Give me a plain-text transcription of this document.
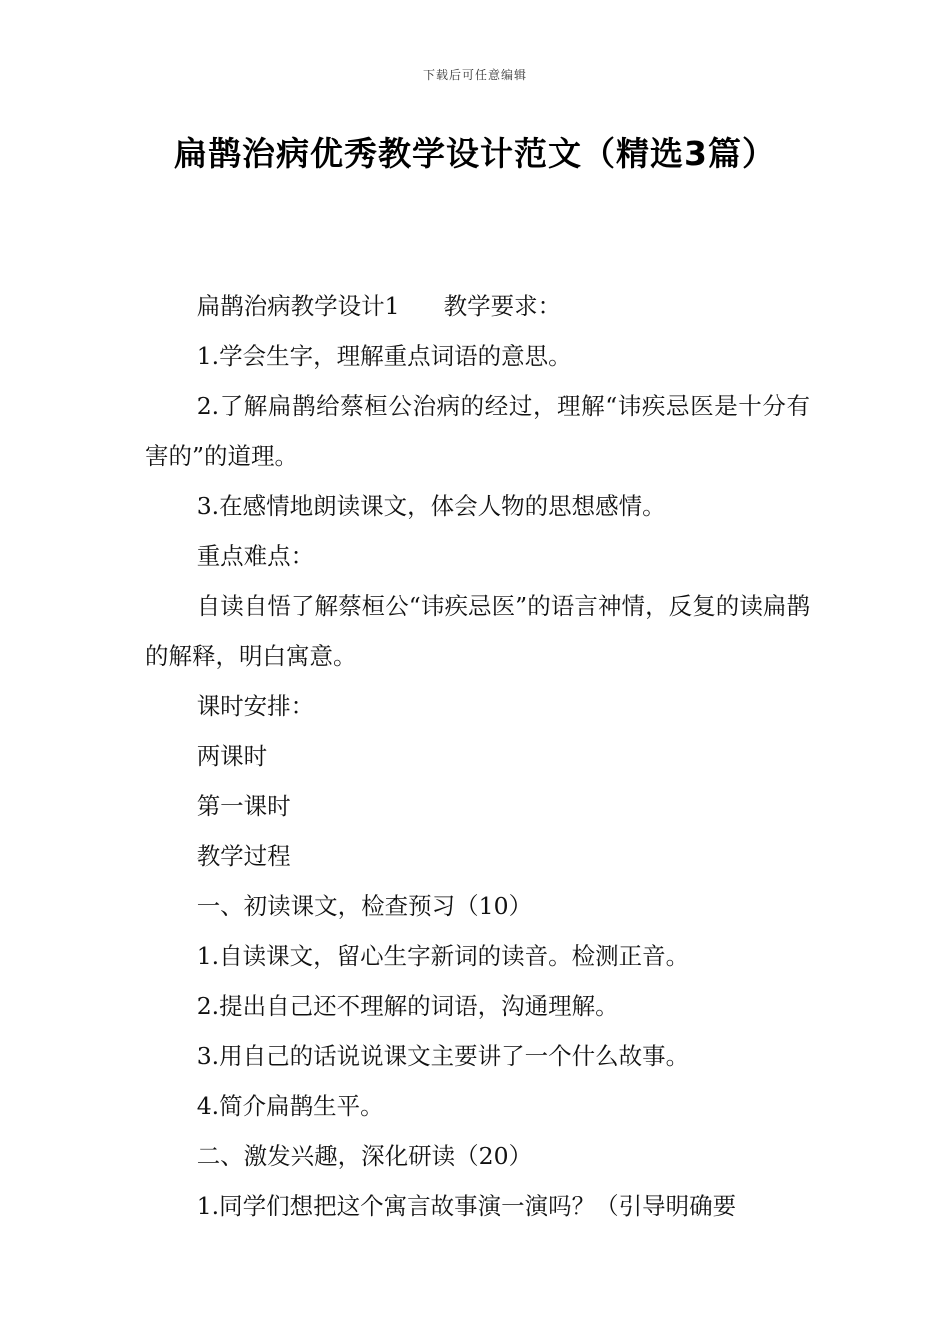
下载后可任意编辑
扁鹊治病优秀教学设计范文（精选3篇）

扁鹊治病教学设计1 教学要求：

1.学会生字，理解重点词语的意思。

2.了解扁鹊给蔡桓公治病的经过，理解“讳疾忌医是十分有害的”的道理。

3.在感情地朗读课文，体会人物的思想感情。

重点难点：

自读自悟了解蔡桓公“讳疾忌医”的语言神情，反复的读扁鹊的解释，明白寓意。

课时安排：

两课时

第一课时

教学过程

一、初读课文，检查预习（10）

1.自读课文，留心生字新词的读音。检测正音。

2.提出自己还不理解的词语，沟通理解。

3.用自己的话说说课文主要讲了一个什么故事。

4.简介扁鹊生平。

二、激发兴趣，深化研读（20）

1.同学们想把这个寓言故事演一演吗？（引导明确要
